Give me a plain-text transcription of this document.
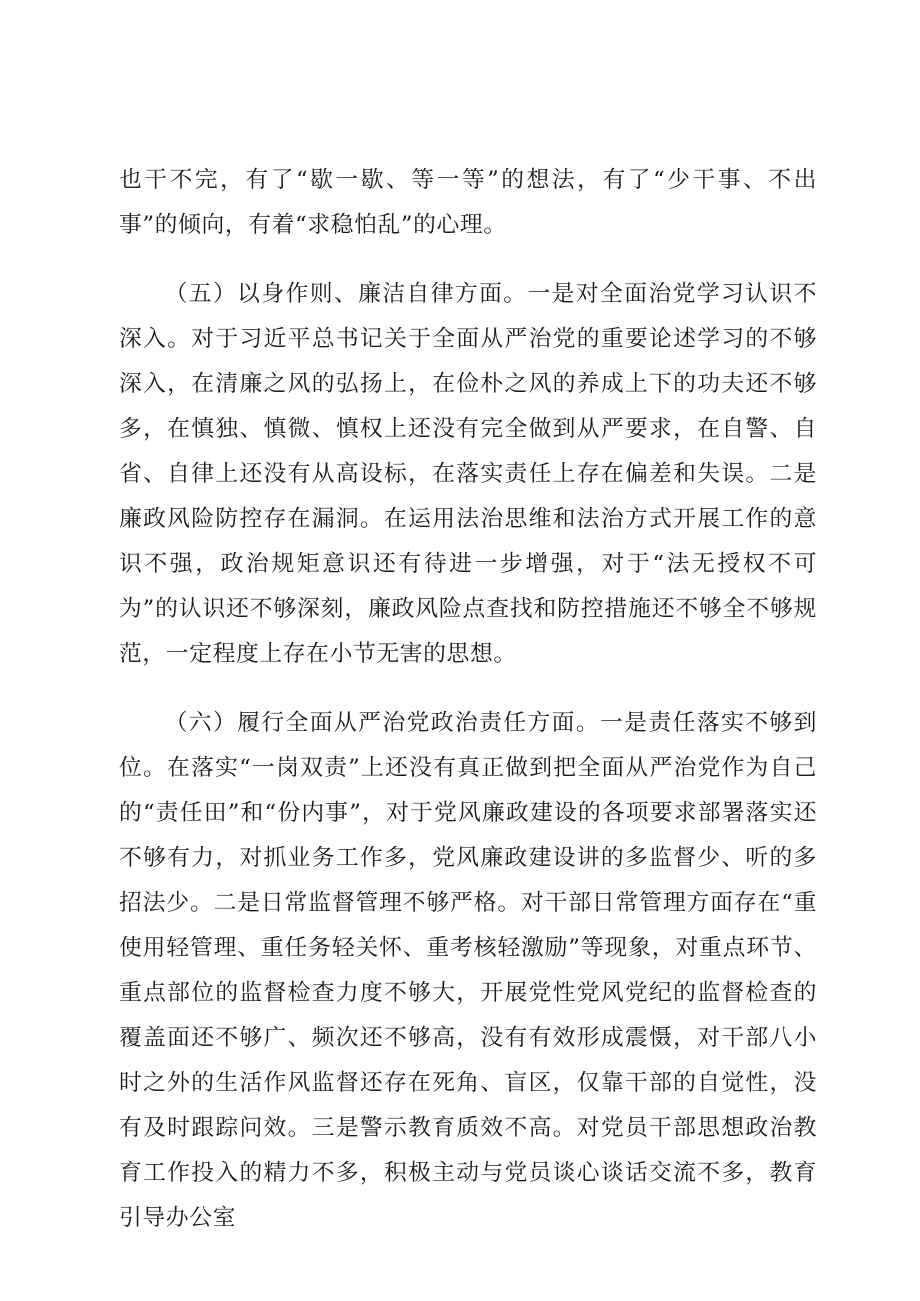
也干不完，有了“歇一歇、等一等”的想法，有了“少干事、不出事”的倾向，有着“求稳怕乱”的心理。

（五）以身作则、廉洁自律方面。一是对全面治党学习认识不深入。对于习近平总书记关于全面从严治党的重要论述学习的不够深入，在清廉之风的弘扬上，在俭朴之风的养成上下的功夫还不够多，在慎独、慎微、慎权上还没有完全做到从严要求，在自警、自省、自律上还没有从高设标，在落实责任上存在偏差和失误。二是廉政风险防控存在漏洞。在运用法治思维和法治方式开展工作的意识不强，政治规矩意识还有待进一步增强，对于“法无授权不可为”的认识还不够深刻，廉政风险点查找和防控措施还不够全不够规范，一定程度上存在小节无害的思想。

（六）履行全面从严治党政治责任方面。一是责任落实不够到位。在落实“一岗双责”上还没有真正做到把全面从严治党作为自己的“责任田”和“份内事”，对于党风廉政建设的各项要求部署落实还不够有力，对抓业务工作多，党风廉政建设讲的多监督少、听的多招法少。二是日常监督管理不够严格。对干部日常管理方面存在“重使用轻管理、重任务轻关怀、重考核轻激励”等现象，对重点环节、重点部位的监督检查力度不够大，开展党性党风党纪的监督检查的覆盖面还不够广、频次还不够高，没有有效形成震慑，对干部八小时之外的生活作风监督还存在死角、盲区，仅靠干部的自觉性，没有及时跟踪问效。三是警示教育质效不高。对党员干部思想政治教育工作投入的精力不多，积极主动与党员谈心谈话交流不多，教育引导办公室
